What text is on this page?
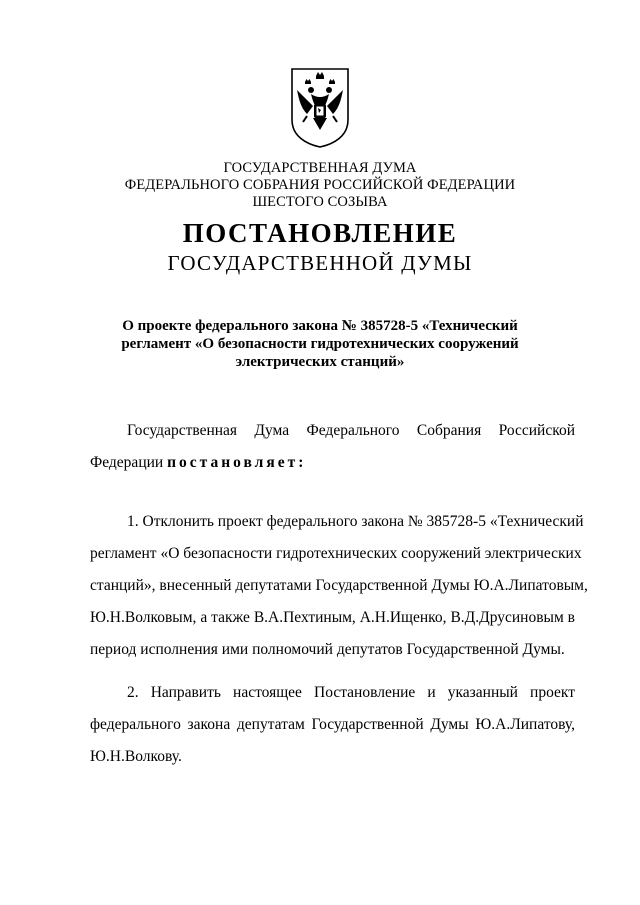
ГОСУДАРСТВЕННАЯ ДУМА
ФЕДЕРАЛЬНОГО СОБРАНИЯ РОССИЙСКОЙ ФЕДЕРАЦИИ
ШЕСТОГО СОЗЫВА
ПОСТАНОВЛЕНИЕ
ГОСУДАРСТВЕННОЙ ДУМЫ
О проекте федерального закона № 385728-5 «Технический
регламент «О безопасности гидротехнических сооружений
электрических станций»
Государственная Дума Федерального Собрания Российской
Федерации постановляет:
1. Отклонить проект федерального закона № 385728-5 «Технический
регламент «О безопасности гидротехнических сооружений электрических
станций», внесенный депутатами Государственной Думы Ю.А.Липатовым,
Ю.Н.Волковым, а также В.А.Пехтиным, А.Н.Ищенко, В.Д.Друсиновым в
период исполнения ими полномочий депутатов Государственной Думы.
2. Направить настоящее Постановление и указанный проект
федерального закона депутатам Государственной Думы Ю.А.Липатову,
Ю.Н.Волкову.
